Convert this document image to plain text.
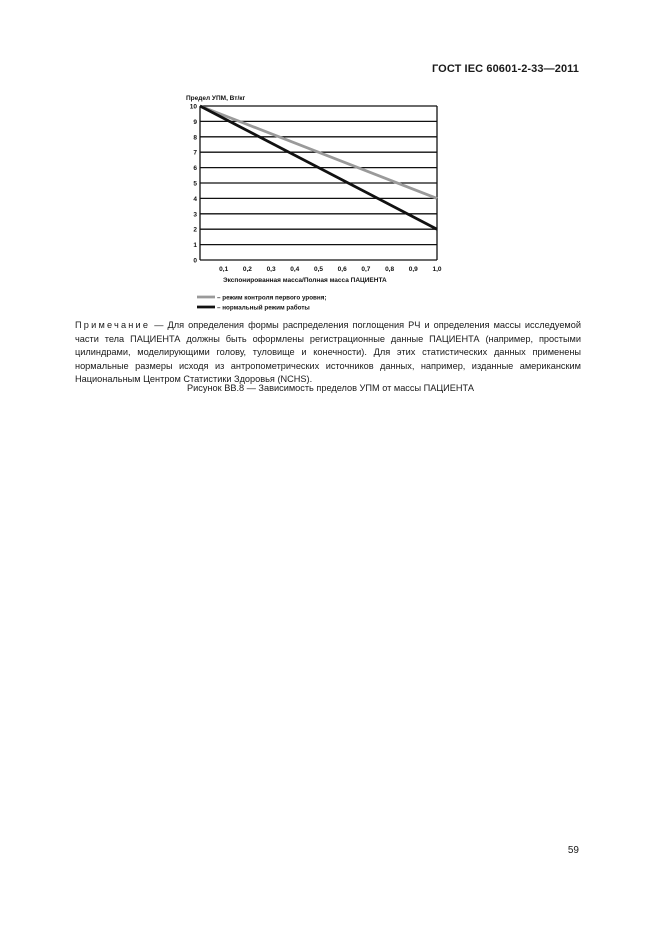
ГОСТ IEC 60601-2-33—2011
0
1
2
3
4
5
6
7
8
9
10
0,1 0,2 0,3 0,4 0,5 0,6 0,7 0,8 0,9 1,0
Предел УПМ, Вт/кг
Экспонированная масса/Полная масса ПАЦИЕНТА
– режим контроля первого уровня;
– нормальный режим работы
Примечание — Для определения формы распределения поглощения РЧ и определения массы исследуемой части тела ПАЦИЕНТА должны быть оформлены регистрационные данные ПАЦИЕНТА (например, простыми цилиндрами, моделирующими голову, туловище и конечности). Для этих статистических данных применены нормальные размеры исходя из антропометрических источников данных, например, изданные американским Национальным Центром Статистики Здоровья (NCHS).
Рисунок ВВ.8 — Зависимость пределов УПМ от массы ПАЦИЕНТА
59
